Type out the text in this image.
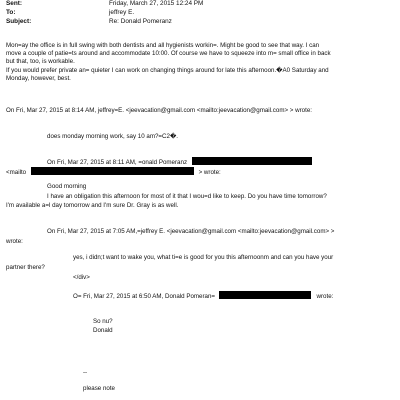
Sent:	Friday, March 27, 2015 12:24 PM
To:	jeffrey E.
Subject:	Re: Donald Pomeranz
Mon=ay the office is in full swing with both dentists and all hygienists workin=. Might be good to see that way. I can
move a couple of patie=ts around and accommodate 10:00. Of course we have to squeeze into m= small office in back
but that, too, is workable.
If you would prefer private an= quieter I can work on changing things around for late this afternoon.�A0 Saturday and
Monday, however, best.
On Fri, Mar 27, 2015 at 8:14 AM, jeffrey=E. <jeevacation@gmail.com <mailto:jeevacation@gmail.com> > wrote:
does monday morning work, say 10 am?=C2�.
On Fri, Mar 27, 2015 at 8:11 AM, =onald Pomeranz
<mailto	> wrote:
Good morning
I have an obligation this afternoon for most of it that I wou=d like to keep. Do you have time tomorrow?
I'm available a=l day tomorrow and I'm sure Dr. Gray is as well.
On Fri, Mar 27, 2015 at 7:05 AM,=jeffrey E. <jeevacation@gmail.com <mailto:jeevacation@gmail.com> >
wrote:
yes, i didn;t want to wake you, what ti=e is good for you this afternoonm and can you have your
partner there?
</div>
O= Fri, Mar 27, 2015 at 6:50 AM, Donald Pomeran=	wrote:
So nu?
Donald
--
please note
